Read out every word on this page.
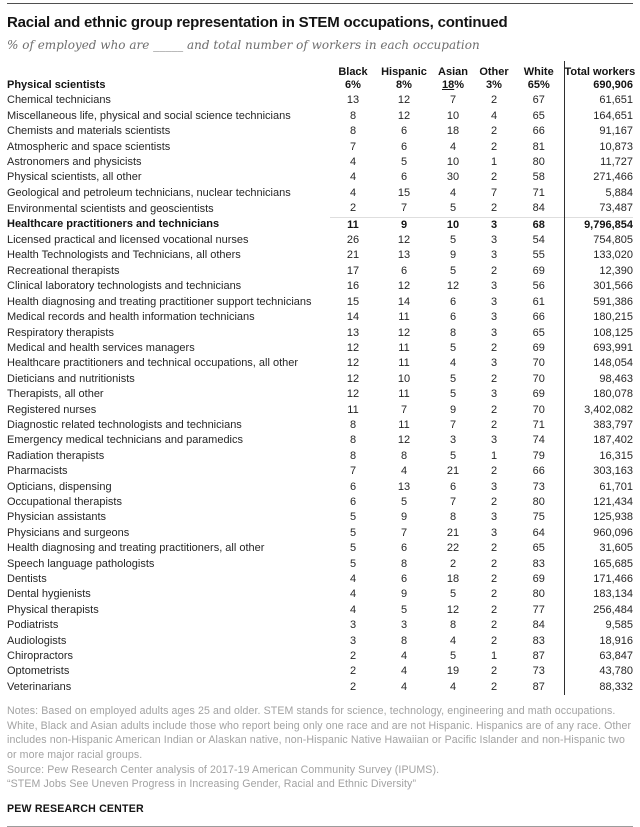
Racial and ethnic group representation in STEM occupations, continued

% of employed who are _____ and total number of workers in each occupation

	Black	Hispanic	Asian	Other	White	Total workers
Physical scientists	6%	8%	18%	3%	65%	690,906
Chemical technicians	13	12	7	2	67	61,651
Miscellaneous life, physical and social science technicians	8	12	10	4	65	164,651
Chemists and materials scientists	8	6	18	2	66	91,167
Atmospheric and space scientists	7	6	4	2	81	10,873
Astronomers and physicists	4	5	10	1	80	11,727
Physical scientists, all other	4	6	30	2	58	271,466
Geological and petroleum technicians, nuclear technicians	4	15	4	7	71	5,884
Environmental scientists and geoscientists	2	7	5	2	84	73,487
Healthcare practitioners and technicians	11	9	10	3	68	9,796,854
Licensed practical and licensed vocational nurses	26	12	5	3	54	754,805
Health Technologists and Technicians, all others	21	13	9	3	55	133,020
Recreational therapists	17	6	5	2	69	12,390
Clinical laboratory technologists and technicians	16	12	12	3	56	301,566
Health diagnosing and treating practitioner support technicians	15	14	6	3	61	591,386
Medical records and health information technicians	14	11	6	3	66	180,215
Respiratory therapists	13	12	8	3	65	108,125
Medical and health services managers	12	11	5	2	69	693,991
Healthcare practitioners and technical occupations, all other	12	11	4	3	70	148,054
Dieticians and nutritionists	12	10	5	2	70	98,463
Therapists, all other	12	11	5	3	69	180,078
Registered nurses	11	7	9	2	70	3,402,082
Diagnostic related technologists and technicians	8	11	7	2	71	383,797
Emergency medical technicians and paramedics	8	12	3	3	74	187,402
Radiation therapists	8	8	5	1	79	16,315
Pharmacists	7	4	21	2	66	303,163
Opticians, dispensing	6	13	6	3	73	61,701
Occupational therapists	6	5	7	2	80	121,434
Physician assistants	5	9	8	3	75	125,938
Physicians and surgeons	5	7	21	3	64	960,096
Health diagnosing and treating practitioners, all other	5	6	22	2	65	31,605
Speech language pathologists	5	8	2	2	83	165,685
Dentists	4	6	18	2	69	171,466
Dental hygienists	4	9	5	2	80	183,134
Physical therapists	4	5	12	2	77	256,484
Podiatrists	3	3	8	2	84	9,585
Audiologists	3	8	4	2	83	18,916
Chiropractors	2	4	5	1	87	63,847
Optometrists	2	4	19	2	73	43,780
Veterinarians	2	4	4	2	87	88,332

Notes: Based on employed adults ages 25 and older. STEM stands for science, technology, engineering and math occupations. White, Black and Asian adults include those who report being only one race and are not Hispanic. Hispanics are of any race. Other includes non-Hispanic American Indian or Alaskan native, non-Hispanic Native Hawaiian or Pacific Islander and non-Hispanic two or more major racial groups.

Source: Pew Research Center analysis of 2017-19 American Community Survey (IPUMS).

“STEM Jobs See Uneven Progress in Increasing Gender, Racial and Ethnic Diversity”

PEW RESEARCH CENTER
